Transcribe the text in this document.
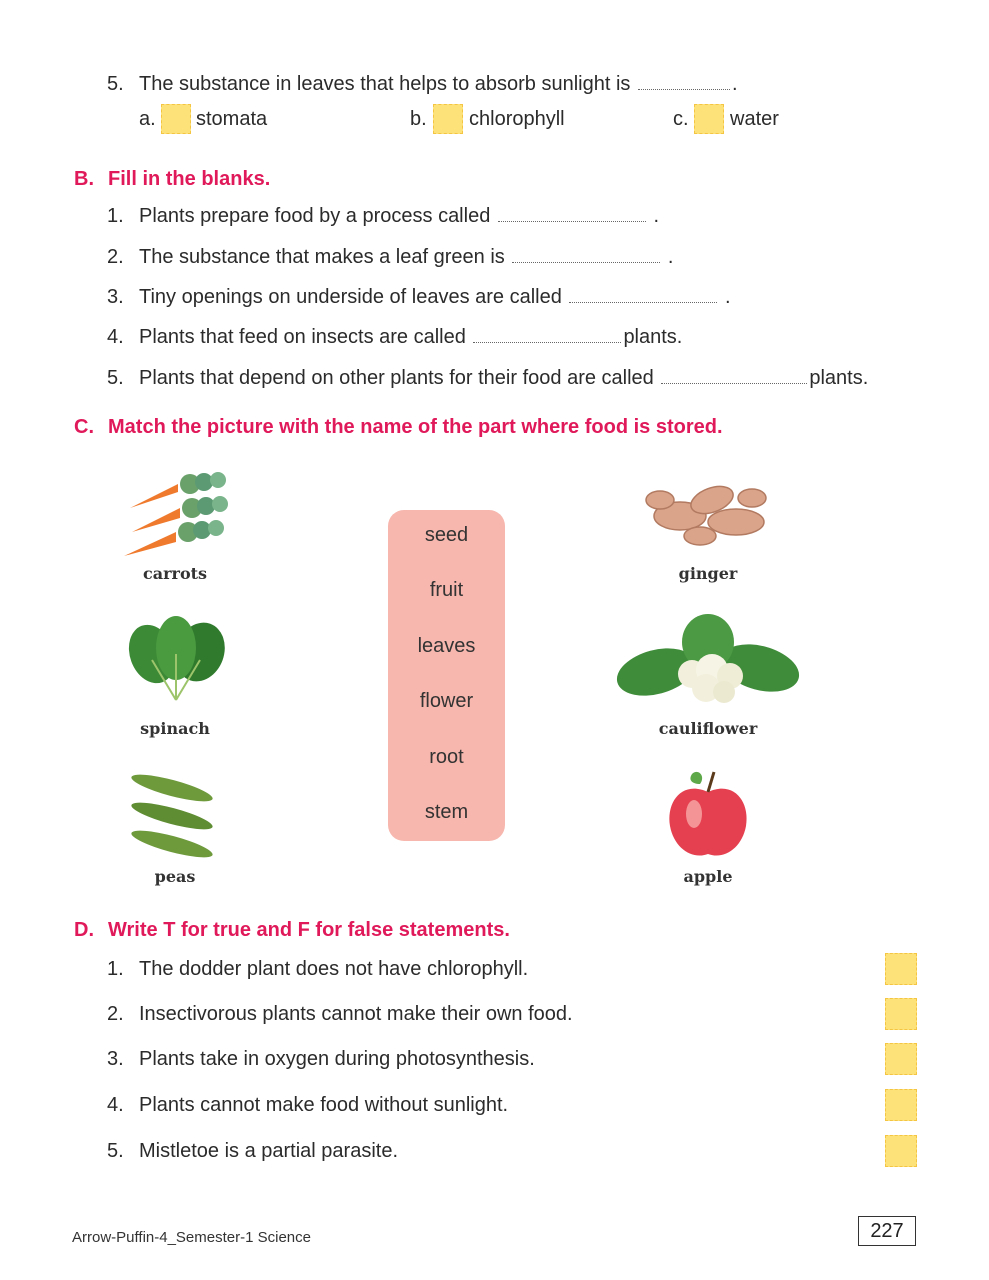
5. The substance in leaves that helps to absorb sunlight is	.
a. stomata	b. chlorophyll	c. water
B. Fill in the blanks.
1. Plants prepare food by a process called	.
2. The substance that makes a leaf green is	.
3. Tiny openings on underside of leaves are called	.
4. Plants that feed on insects are called	plants.
5. Plants that depend on other plants for their food are called	plants.
C. Match the picture with the name of the part where food is stored.
carrots
spinach
peas
seed
fruit
leaves
flower
root
stem
ginger
cauliflower
apple
D. Write T for true and F for false statements.
1. The dodder plant does not have chlorophyll.
2. Insectivorous plants cannot make their own food.
3. Plants take in oxygen during photosynthesis.
4. Plants cannot make food without sunlight.
5. Mistletoe is a partial parasite.
Arrow-Puffin-4_Semester-1 Science	227
